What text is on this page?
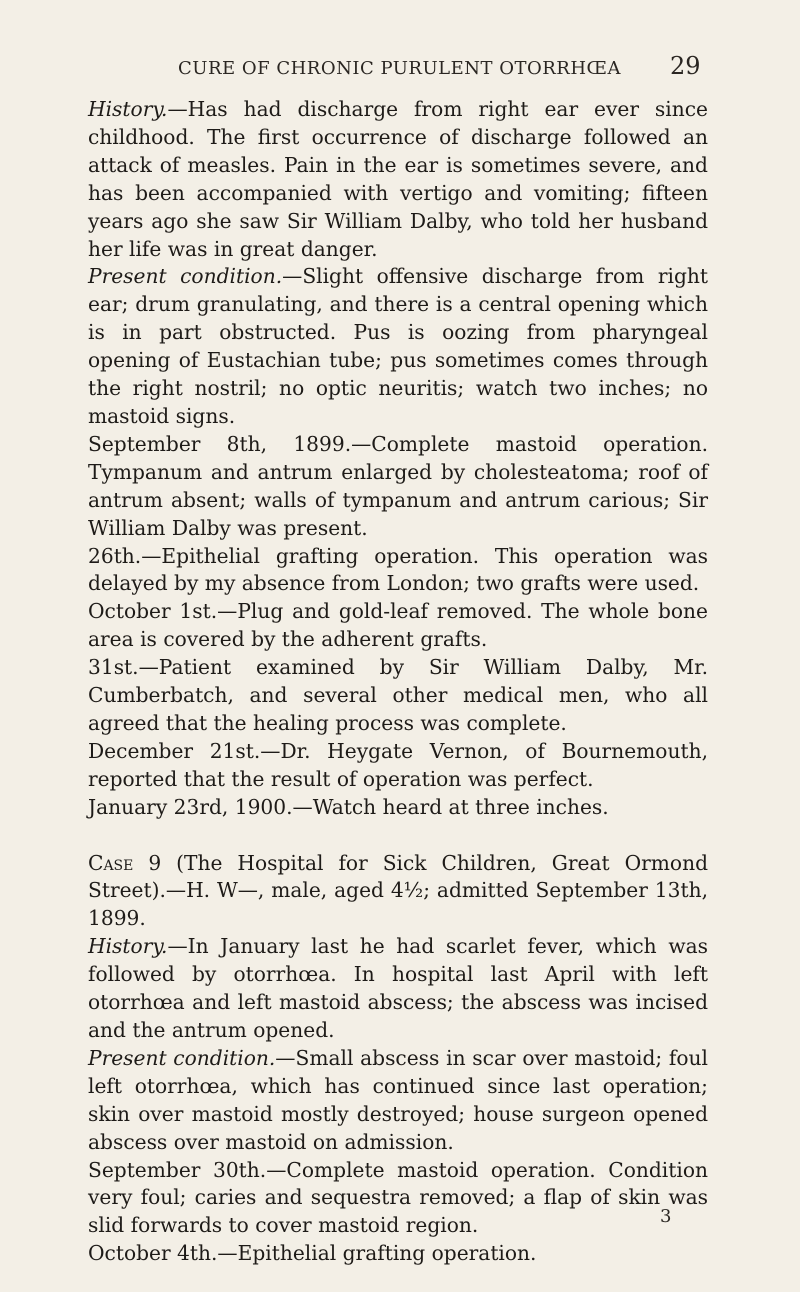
CURE OF CHRONIC PURULENT OTORRHŒA	29

History.—Has had discharge from right ear ever since childhood. The first occurrence of discharge followed an attack of measles. Pain in the ear is sometimes severe, and has been accompanied with vertigo and vomiting; fifteen years ago she saw Sir William Dalby, who told her husband her life was in great danger.

Present condition.—Slight offensive discharge from right ear; drum granulating, and there is a central opening which is in part obstructed. Pus is oozing from pharyngeal opening of Eustachian tube; pus sometimes comes through the right nostril; no optic neuritis; watch two inches; no mastoid signs.

September 8th, 1899.—Complete mastoid operation. Tympanum and antrum enlarged by cholesteatoma; roof of antrum absent; walls of tympanum and antrum carious; Sir William Dalby was present.

26th.—Epithelial grafting operation. This operation was delayed by my absence from London; two grafts were used.

October 1st.—Plug and gold-leaf removed. The whole bone area is covered by the adherent grafts.

31st.—Patient examined by Sir William Dalby, Mr. Cumberbatch, and several other medical men, who all agreed that the healing process was complete.

December 21st.—Dr. Heygate Vernon, of Bournemouth, reported that the result of operation was perfect.

January 23rd, 1900.—Watch heard at three inches.

Case 9 (The Hospital for Sick Children, Great Ormond Street).—H. W—, male, aged 4½; admitted September 13th, 1899.

History.—In January last he had scarlet fever, which was followed by otorrhœa. In hospital last April with left otorrhœa and left mastoid abscess; the abscess was incised and the antrum opened.

Present condition.—Small abscess in scar over mastoid; foul left otorrhœa, which has continued since last operation; skin over mastoid mostly destroyed; house surgeon opened abscess over mastoid on admission.

September 30th.—Complete mastoid operation. Condition very foul; caries and sequestra removed; a flap of skin was slid forwards to cover mastoid region.

October 4th.—Epithelial grafting operation.

3
